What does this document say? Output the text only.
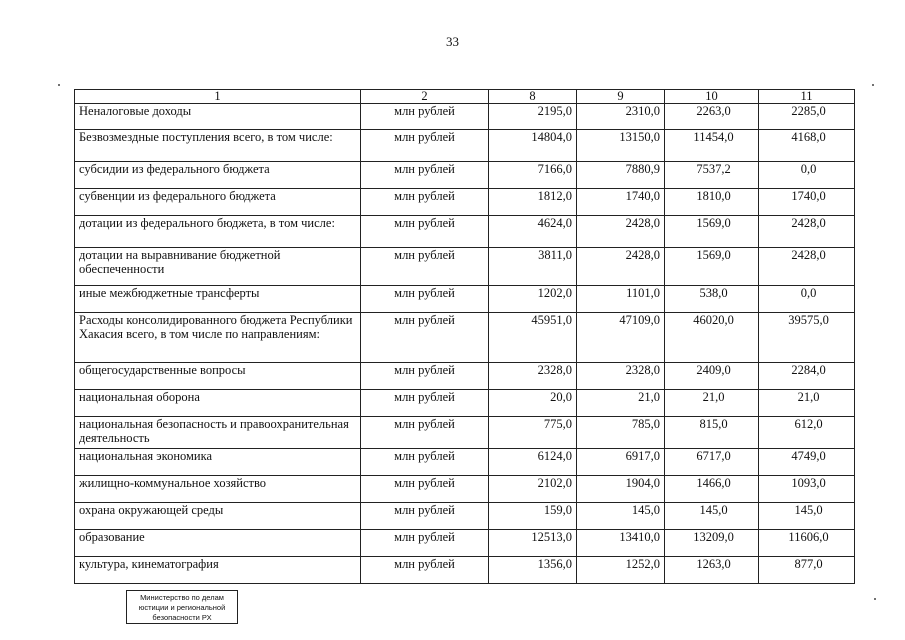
33
1	2	8	9	10	11
Неналоговые доходы	млн рублей	2195,0	2310,0	2263,0	2285,0
Безвозмездные поступления всего, в том числе:	млн рублей	14804,0	13150,0	11454,0	4168,0
субсидии из федерального бюджета	млн рублей	7166,0	7880,9	7537,2	0,0
субвенции из федерального бюджета	млн рублей	1812,0	1740,0	1810,0	1740,0
дотации из федерального бюджета, в том числе:	млн рублей	4624,0	2428,0	1569,0	2428,0
дотации на выравнивание бюджетной обеспеченности	млн рублей	3811,0	2428,0	1569,0	2428,0
иные межбюджетные трансферты	млн рублей	1202,0	1101,0	538,0	0,0
Расходы консолидированного бюджета Республики Хакасия всего, в том числе по направлениям:	млн рублей	45951,0	47109,0	46020,0	39575,0
общегосударственные вопросы	млн рублей	2328,0	2328,0	2409,0	2284,0
национальная оборона	млн рублей	20,0	21,0	21,0	21,0
национальная безопасность и правоохранительная деятельность	млн рублей	775,0	785,0	815,0	612,0
национальная экономика	млн рублей	6124,0	6917,0	6717,0	4749,0
жилищно-коммунальное хозяйство	млн рублей	2102,0	1904,0	1466,0	1093,0
охрана окружающей среды	млн рублей	159,0	145,0	145,0	145,0
образование	млн рублей	12513,0	13410,0	13209,0	11606,0
культура, кинематография	млн рублей	1356,0	1252,0	1263,0	877,0
Министерство по делам
юстиции и региональной
безопасности РХ
